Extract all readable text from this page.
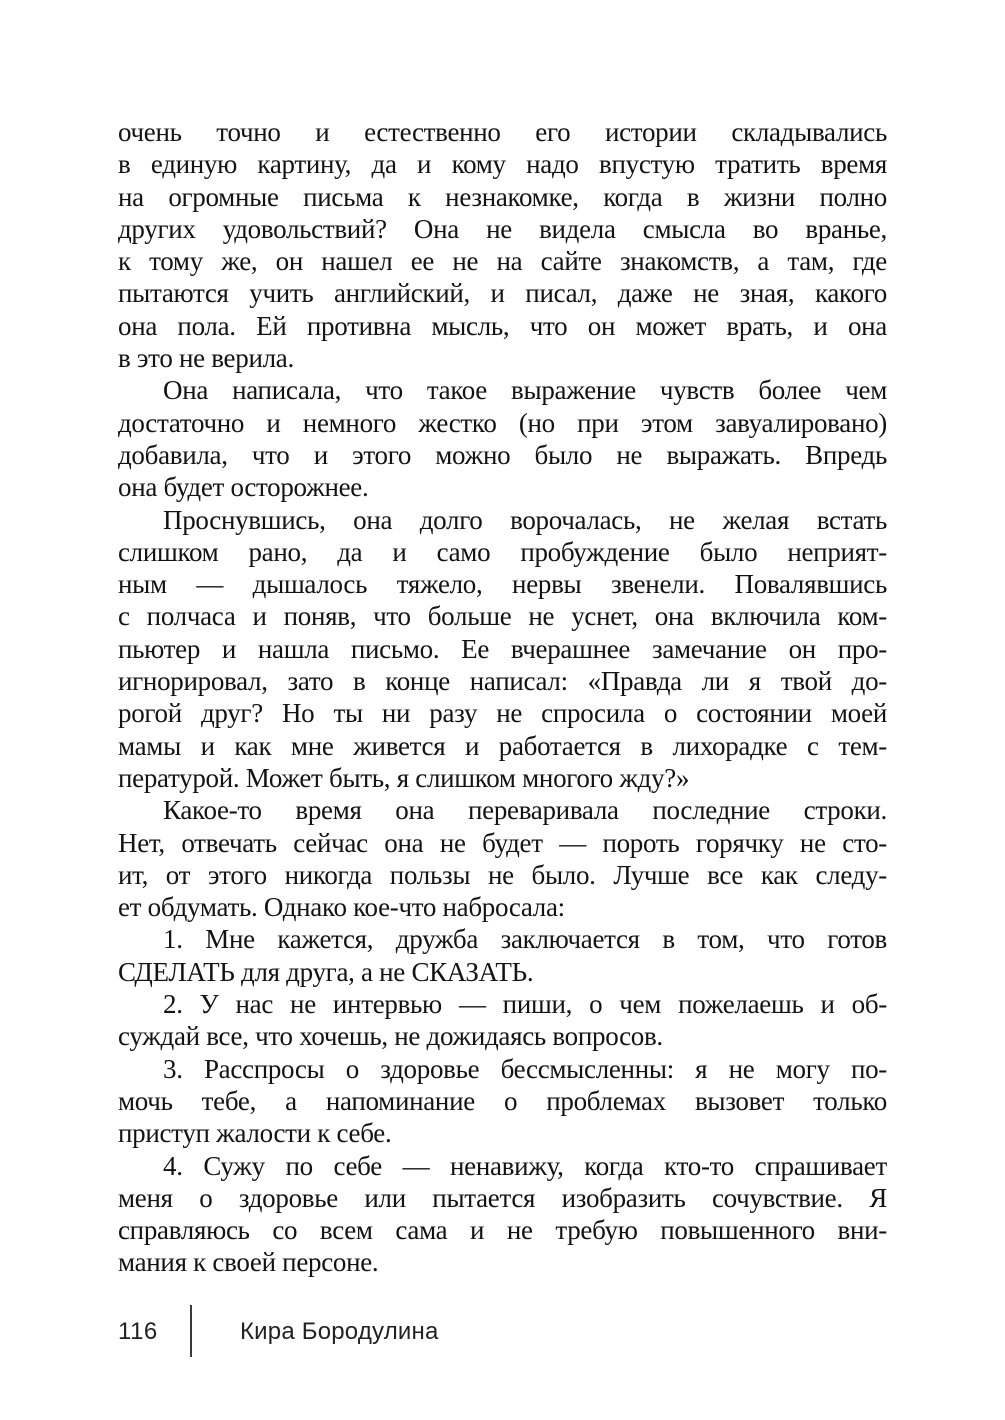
очень точно и естественно его истории складывались
в единую картину, да и кому надо впустую тратить время
на огромные письма к незнакомке, когда в жизни полно
других удовольствий? Она не видела смысла во вранье,
к тому же, он нашел ее не на сайте знакомств, а там, где
пытаются учить английский, и писал, даже не зная, какого
она пола. Ей противна мысль, что он может врать, и она
в это не верила.
Она написала, что такое выражение чувств более чем
достаточно и немного жестко (но при этом завуалировано)
добавила, что и этого можно было не выражать. Впредь
она будет осторожнее.
Проснувшись, она долго ворочалась, не желая встать
слишком рано, да и само пробуждение было неприят-
ным — дышалось тяжело, нервы звенели. Повалявшись
с полчаса и поняв, что больше не уснет, она включила ком-
пьютер и нашла письмо. Ее вчерашнее замечание он про-
игнорировал, зато в конце написал: «Правда ли я твой до-
рогой друг? Но ты ни разу не спросила о состоянии моей
мамы и как мне живется и работается в лихорадке с тем-
пературой. Может быть, я слишком многого жду?»
Какое-то время она переваривала последние строки.
Нет, отвечать сейчас она не будет — пороть горячку не сто-
ит, от этого никогда пользы не было. Лучше все как следу-
ет обдумать. Однако кое-что набросала:
1. Мне кажется, дружба заключается в том, что готов
СДЕЛАТЬ для друга, а не СКАЗАТЬ.
2. У нас не интервью — пиши, о чем пожелаешь и об-
суждай все, что хочешь, не дожидаясь вопросов.
3. Расспросы о здоровье бессмысленны: я не могу по-
мочь тебе, а напоминание о проблемах вызовет только
приступ жалости к себе.
4. Сужу по себе — ненавижу, когда кто-то спрашивает
меня о здоровье или пытается изобразить сочувствие. Я
справляюсь со всем сама и не требую повышенного вни-
мания к своей персоне.
116	Кира Бородулина
